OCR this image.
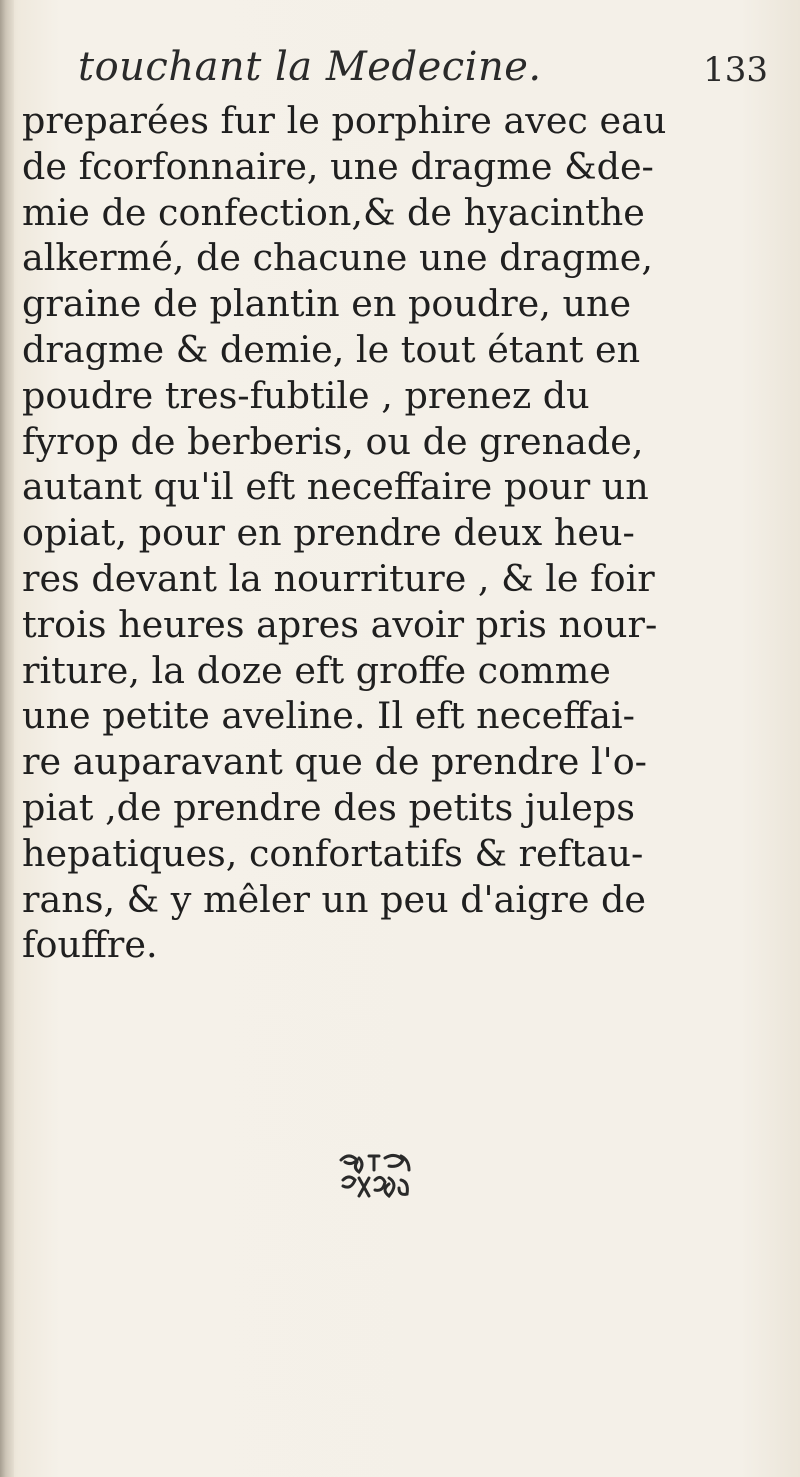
touchant la Medecine.	133
preparées fur le porphire avec eau
de fcorfonnaire, une dragme &de-
mie de confection,& de hyacinthe
alkermé, de chacune une dragme,
graine de plantin en poudre, une
dragme & demie, le tout étant en
poudre tres-fubtile , prenez du
fyrop de berberis, ou de grenade,
autant qu'il eft neceffaire pour un
opiat, pour en prendre deux heu-
res devant la nourriture , & le foir
trois heures apres avoir pris nour-
riture, la doze eft groffe comme
une petite aveline. Il eft neceffai-
re auparavant que de prendre l'o-
piat ,de prendre des petits juleps
hepatiques, confortatifs & reftau-
rans, & y mêler un peu d'aigre de
fouffre.
